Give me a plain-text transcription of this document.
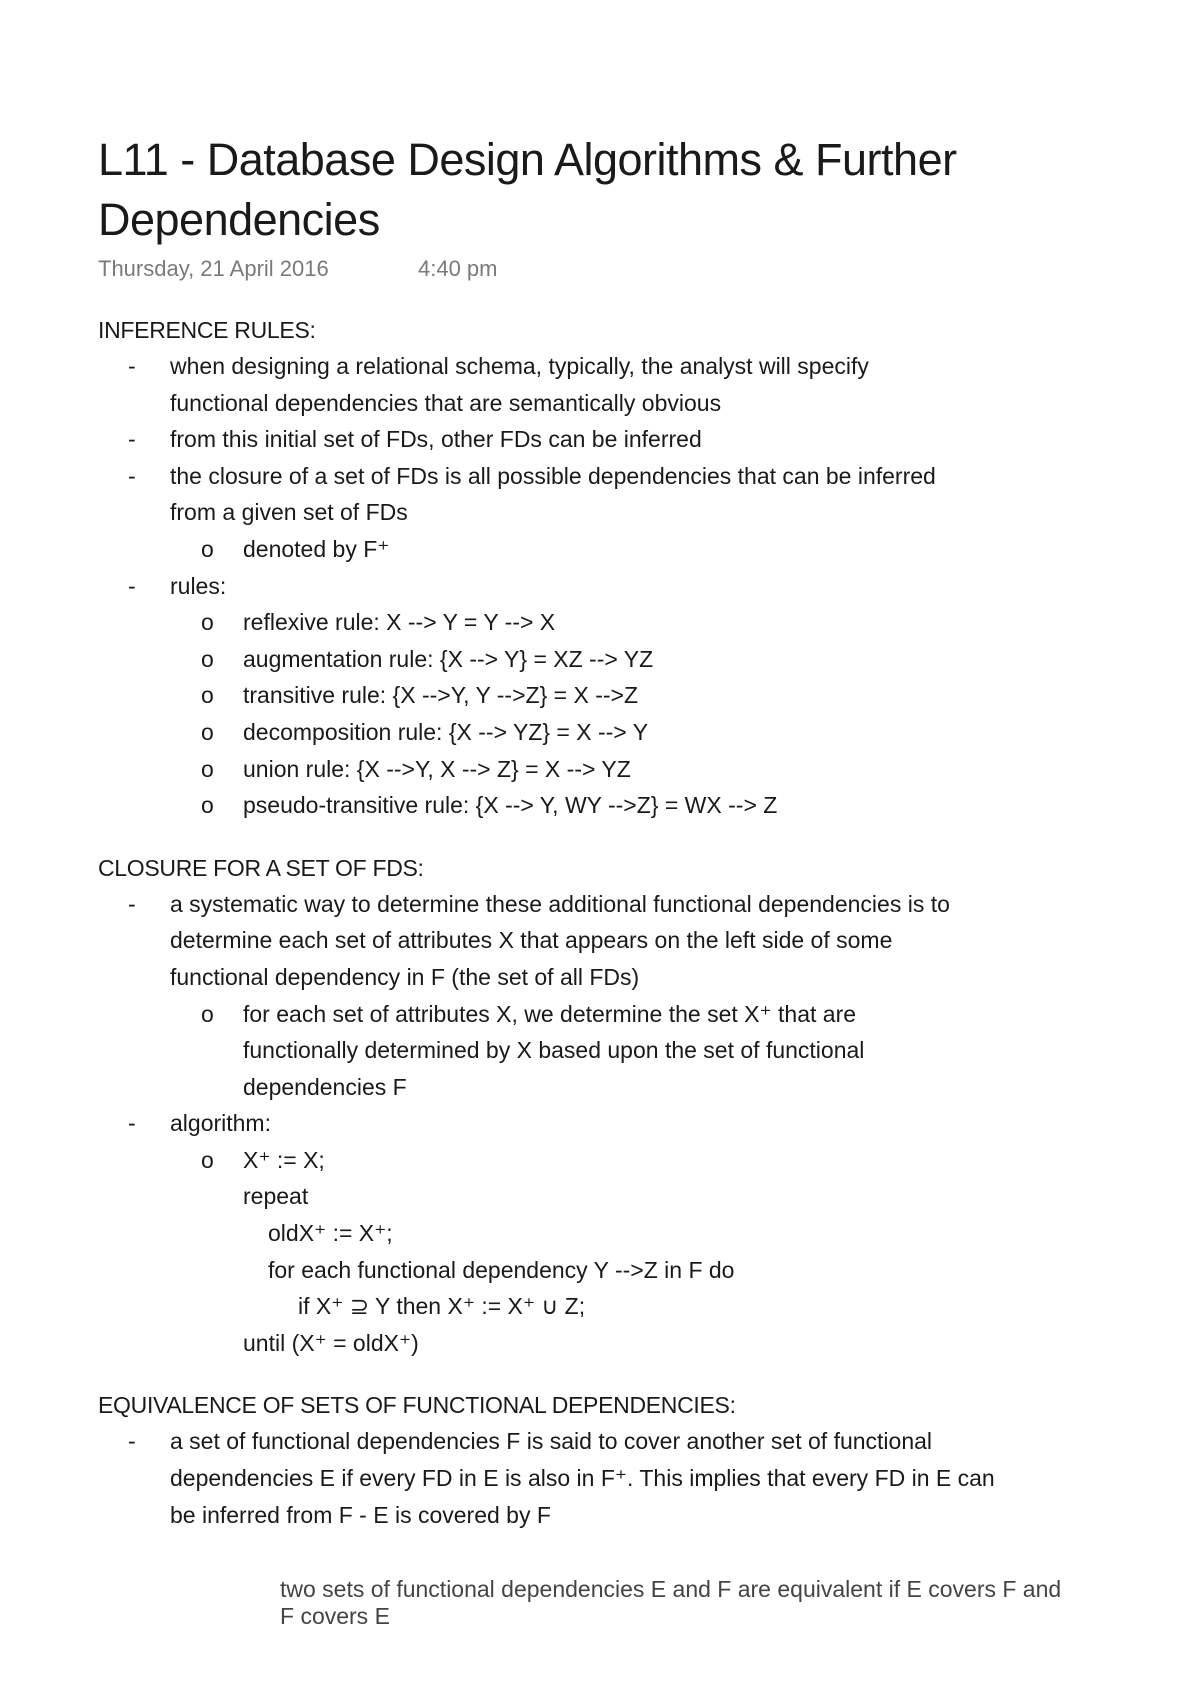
L11 - Database Design Algorithms & Further
Dependencies
Thursday, 21 April 2016	4:40 pm
INFERENCE RULES:
- when designing a relational schema, typically, the analyst will specify
functional dependencies that are semantically obvious
- from this initial set of FDs, other FDs can be inferred
- the closure of a set of FDs is all possible dependencies that can be inferred
from a given set of FDs
o denoted by F⁺
- rules:
o reflexive rule: X --> Y = Y --> X
o augmentation rule: {X --> Y} = XZ --> YZ
o transitive rule: {X -->Y, Y -->Z} = X -->Z
o decomposition rule: {X --> YZ} = X --> Y
o union rule: {X -->Y, X --> Z} = X --> YZ
o pseudo-transitive rule: {X --> Y, WY -->Z} = WX --> Z
CLOSURE FOR A SET OF FDS:
- a systematic way to determine these additional functional dependencies is to
determine each set of attributes X that appears on the left side of some
functional dependency in F (the set of all FDs)
o for each set of attributes X, we determine the set X⁺ that are
functionally determined by X based upon the set of functional
dependencies F
- algorithm:
o X⁺ := X;
repeat
oldX⁺ := X⁺;
for each functional dependency Y -->Z in F do
if X⁺ ⊇ Y then X⁺ := X⁺ ∪ Z;
until (X⁺ = oldX⁺)
EQUIVALENCE OF SETS OF FUNCTIONAL DEPENDENCIES:
- a set of functional dependencies F is said to cover another set of functional
dependencies E if every FD in E is also in F⁺. This implies that every FD in E can
be inferred from F - E is covered by F
two sets of functional dependencies E and F are equivalent if E covers F and F covers E
